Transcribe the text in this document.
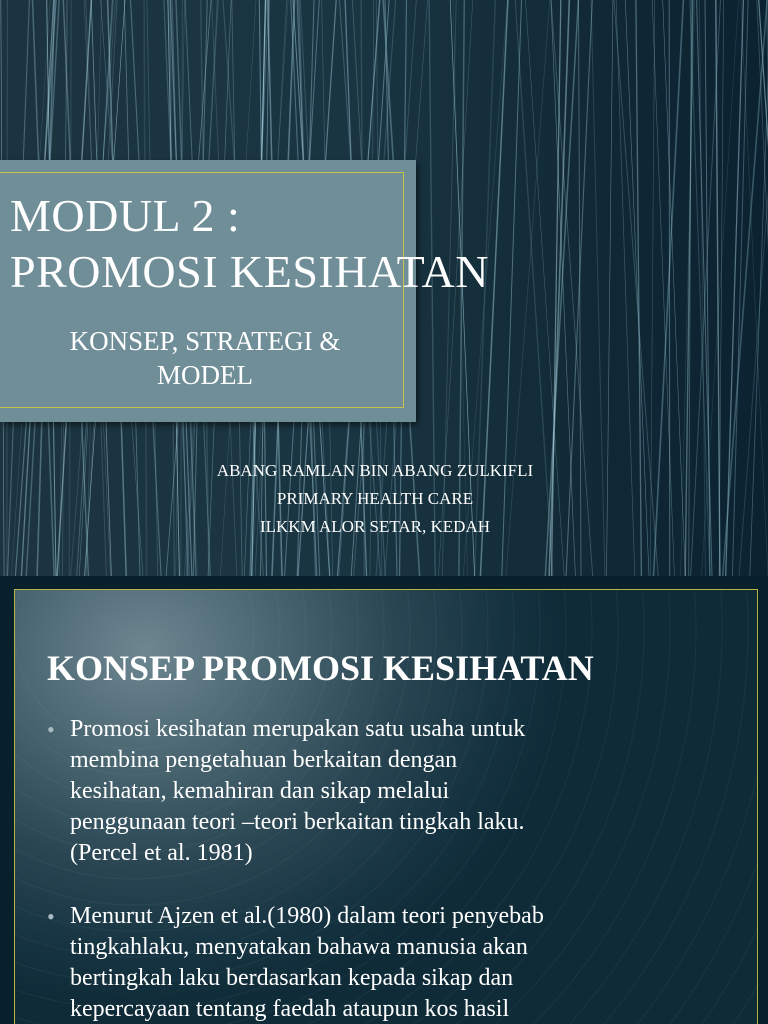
MODUL 2 :
PROMOSI KESIHATAN
KONSEP, STRATEGI &
MODEL
ABANG RAMLAN BIN ABANG ZULKIFLI
PRIMARY HEALTH CARE
ILKKM ALOR SETAR, KEDAH
KONSEP PROMOSI KESIHATAN
• Promosi kesihatan merupakan satu usaha untuk
membina pengetahuan berkaitan dengan
kesihatan, kemahiran dan sikap melalui
penggunaan teori –teori berkaitan tingkah laku.
(Percel et al. 1981)
• Menurut Ajzen et al.(1980) dalam teori penyebab
tingkahlaku, menyatakan bahawa manusia akan
bertingkah laku berdasarkan kepada sikap dan
kepercayaan tentang faedah ataupun kos hasil
